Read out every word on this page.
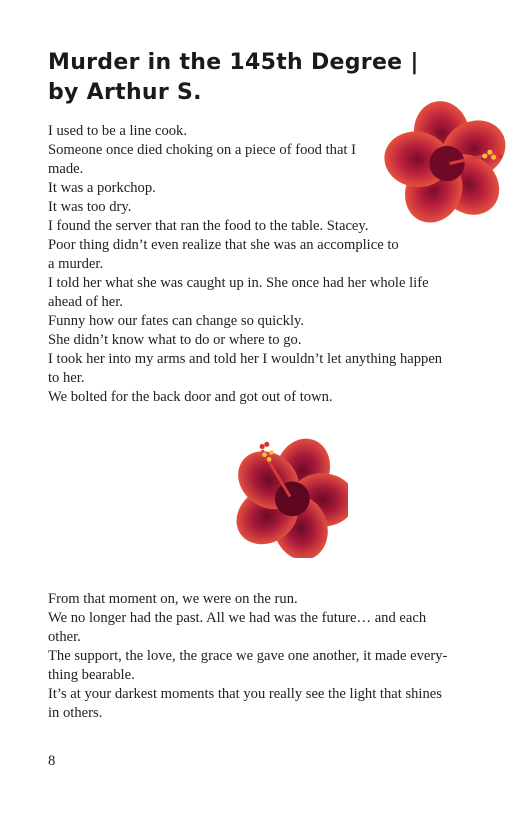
Murder in the 145th Degree |
by Arthur S.

I used to be a line cook.

Someone once died choking on a piece of food that I

made.

It was a porkchop.

It was too dry.

I found the server that ran the food to the table. Stacey.

Poor thing didn’t even realize that she was an accomplice to

a murder.

I told her what she was caught up in. She once had her whole life

ahead of her.

Funny how our fates can change so quickly.

She didn’t know what to do or where to go.

I took her into my arms and told her I wouldn’t let anything happen

to her.

We bolted for the back door and got out of town.

From that moment on, we were on the run.

We no longer had the past. All we had was the future… and each

other.

The support, the love, the grace we gave one another, it made every-

thing bearable.

It’s at your darkest moments that you really see the light that shines

in others.

8
